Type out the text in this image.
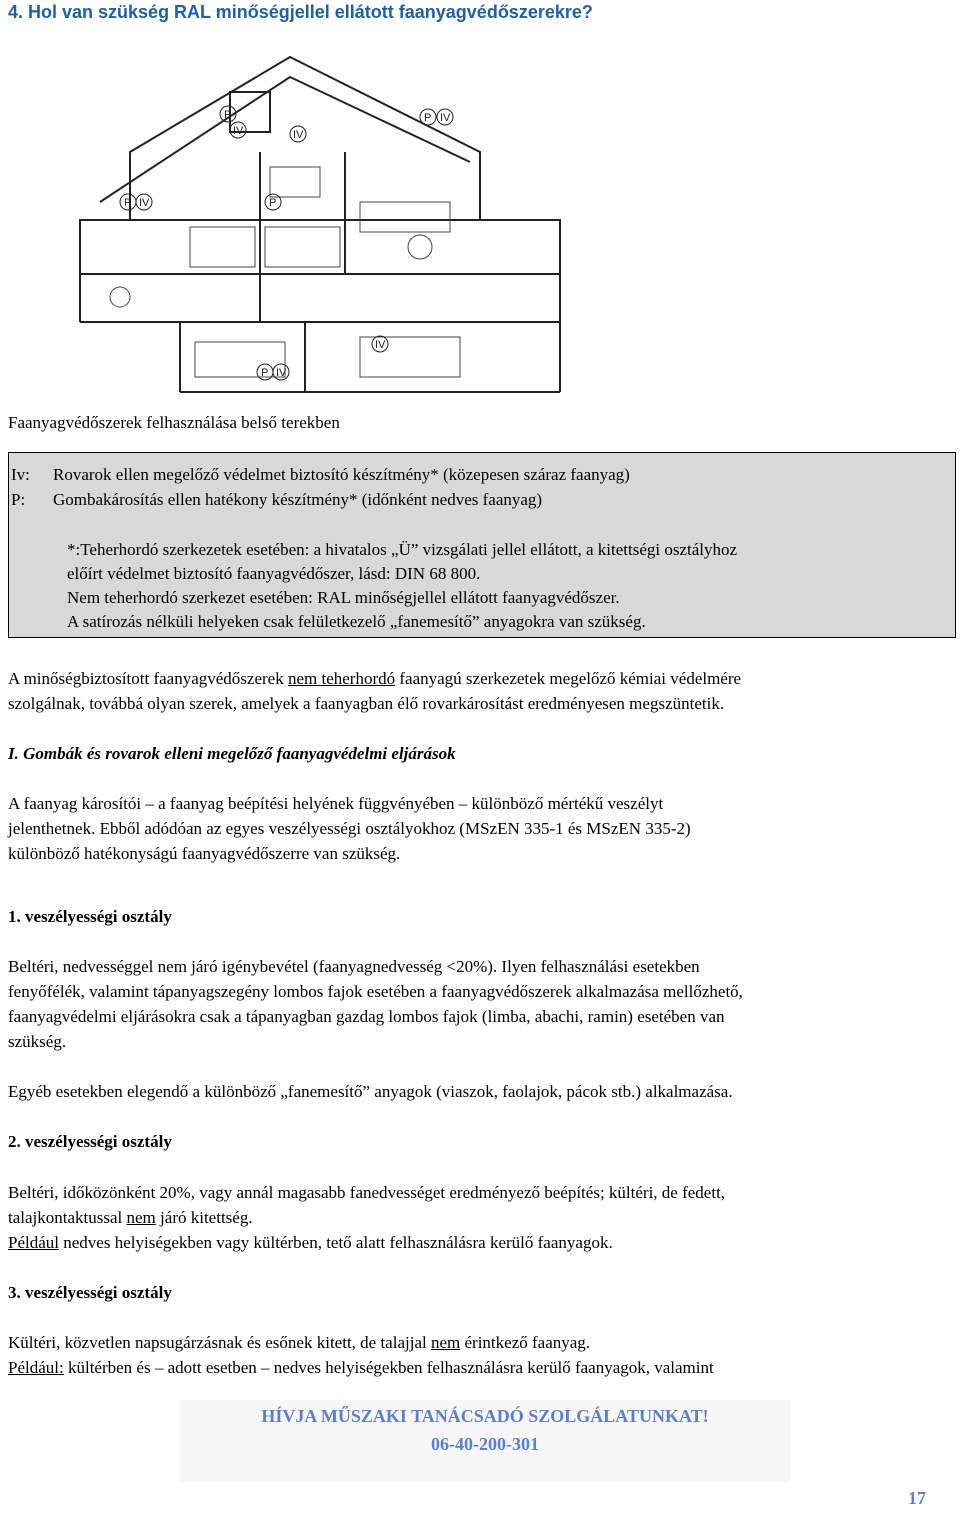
4. Hol van szükség RAL minőségjellel ellátott faanyagvédőszerekre?
P
IV	IV
P IV
P
P IV
IV
P IV

Faanyagvédőszerek felhasználása belső terekben

Iv: Rovarok ellen megelőző védelmet biztosító készítmény* (közepesen száraz faanyag)
P: Gombakárosítás ellen hatékony készítmény* (időnként nedves faanyag)
*:Teherhordó szerkezetek esetében: a hivatalos „Ü” vizsgálati jellel ellátott, a kitettségi osztályhoz
előírt védelmet biztosító faanyagvédőszer, lásd: DIN 68 800.
Nem teherhordó szerkezet esetében: RAL minőségjellel ellátott faanyagvédőszer.
A satírozás nélküli helyeken csak felületkezelő „fanemesítő” anyagokra van szükség.

A minőségbiztosított faanyagvédőszerek nem teherhordó faanyagú szerkezetek megelőző kémiai védelmére

szolgálnak, továbbá olyan szerek, amelyek a faanyagban élő rovarkárosítást eredményesen megszüntetik.

I. Gombák és rovarok elleni megelőző faanyagvédelmi eljárások

A faanyag károsítói – a faanyag beépítési helyének függvényében – különböző mértékű veszélyt

jelenthetnek. Ebből adódóan az egyes veszélyességi osztályokhoz (MSzEN 335-1 és MSzEN 335-2)

különböző hatékonyságú faanyagvédőszerre van szükség.

1. veszélyességi osztály

Beltéri, nedvességgel nem járó igénybevétel (faanyagnedvesség <20%). Ilyen felhasználási esetekben

fenyőfélék, valamint tápanyagszegény lombos fajok esetében a faanyagvédőszerek alkalmazása mellőzhető,

faanyagvédelmi eljárásokra csak a tápanyagban gazdag lombos fajok (limba, abachi, ramin) esetében van

szükség.

Egyéb esetekben elegendő a különböző „fanemesítő” anyagok (viaszok, faolajok, pácok stb.) alkalmazása.

2. veszélyességi osztály

Beltéri, időközönként 20%, vagy annál magasabb fanedvességet eredményező beépítés; kültéri, de fedett,

talajkontaktussal nem járó kitettség.

Például nedves helyiségekben vagy kültérben, tető alatt felhasználásra kerülő faanyagok.

3. veszélyességi osztály

Kültéri, közvetlen napsugárzásnak és esőnek kitett, de talajjal nem érintkező faanyag.

Például: kültérben és – adott esetben – nedves helyiségekben felhasználásra kerülő faanyagok, valamint

HÍVJA MŰSZAKI TANÁCSADÓ SZOLGÁLATUNKAT!
06-40-200-301
17
